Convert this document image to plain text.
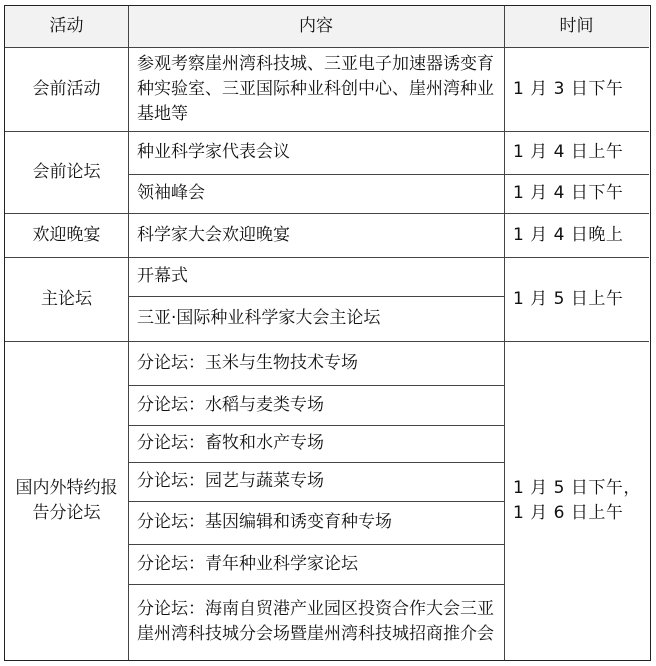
活动	内容	时间
会前活动
会前论坛
欢迎晚宴
主论坛
国内外特约报告分论坛
参观考察崖州湾科技城、三亚电子加速器诱变育种实验室、三亚国际种业科创中心、崖州湾种业基地等
种业科学家代表会议
领袖峰会
科学家大会欢迎晚宴
开幕式
三亚·国际种业科学家大会主论坛
分论坛：玉米与生物技术专场
分论坛：水稻与麦类专场
分论坛：畜牧和水产专场
分论坛：园艺与蔬菜专场
分论坛：基因编辑和诱变育种专场
分论坛：青年种业科学家论坛
分论坛：海南自贸港产业园区投资合作大会三亚崖州湾科技城分会场暨崖州湾科技城招商推介会
1 月 3 日下午
1 月 4 日上午
1 月 4 日下午
1 月 4 日晚上
1 月 5 日上午
1 月 5 日下午，1 月 6 日上午
